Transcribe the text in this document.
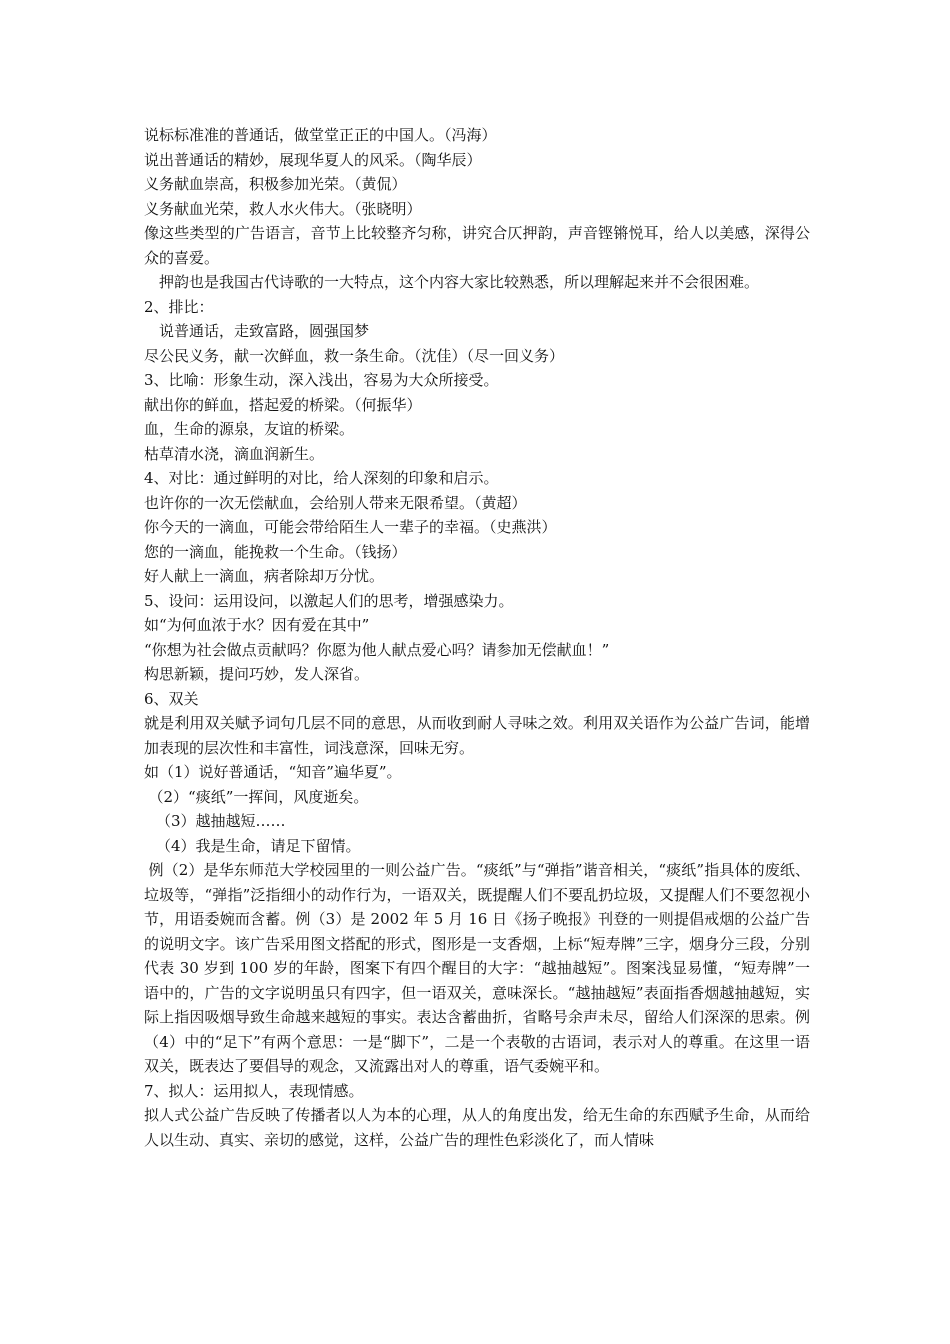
说标标准准的普通话，做堂堂正正的中国人。（冯海）

说出普通话的精妙，展现华夏人的风采。（陶华辰）

义务献血崇高，积极参加光荣。（黄侃）

义务献血光荣，救人水火伟大。（张晓明）

像这些类型的广告语言，音节上比较整齐匀称，讲究合仄押韵，声音铿锵悦耳，给人以美感，深得公众的喜爱。

押韵也是我国古代诗歌的一大特点，这个内容大家比较熟悉，所以理解起来并不会很困难。

2、排比：

说普通话，走致富路，圆强国梦

尽公民义务，献一次鲜血，救一条生命。（沈佳）（尽一回义务）

3、比喻：形象生动，深入浅出，容易为大众所接受。

献出你的鲜血，搭起爱的桥梁。（何振华）

血，生命的源泉，友谊的桥梁。

枯草清水浇，滴血润新生。

4、对比：通过鲜明的对比，给人深刻的印象和启示。

也许你的一次无偿献血，会给别人带来无限希望。（黄超）

你今天的一滴血，可能会带给陌生人一辈子的幸福。（史燕洪）

您的一滴血，能挽救一个生命。（钱扬）

好人献上一滴血，病者除却万分忧。

5、设问：运用设问，以激起人们的思考，增强感染力。

如“为何血浓于水？因有爱在其中”

“你想为社会做点贡献吗？你愿为他人献点爱心吗？请参加无偿献血！”

构思新颖，提问巧妙，发人深省。

6、双关

就是利用双关赋予词句几层不同的意思，从而收到耐人寻味之效。利用双关语作为公益广告词，能增加表现的层次性和丰富性，词浅意深，回味无穷。

如（1）说好普通话，“知音”遍华夏”。

（2）“痰纸”一挥间，风度逝矣。

（3）越抽越短……

（4）我是生命，请足下留情。

例（2）是华东师范大学校园里的一则公益广告。“痰纸”与“弹指”谐音相关，“痰纸”指具体的废纸、垃圾等，“弹指”泛指细小的动作行为，一语双关，既提醒人们不要乱扔垃圾，又提醒人们不要忽视小节，用语委婉而含蓄。例（3）是 2002 年 5 月 16 日《扬子晚报》刊登的一则提倡戒烟的公益广告的说明文字。该广告采用图文搭配的形式，图形是一支香烟，上标“短寿牌”三字，烟身分三段，分别代表 30 岁到 100 岁的年龄，图案下有四个醒目的大字：“越抽越短”。图案浅显易懂，“短寿牌”一语中的，广告的文字说明虽只有四字，但一语双关，意味深长。“越抽越短”表面指香烟越抽越短，实际上指因吸烟导致生命越来越短的事实。表达含蓄曲折，省略号余声未尽，留给人们深深的思索。例（4）中的“足下”有两个意思：一是“脚下”，二是一个表敬的古语词，表示对人的尊重。在这里一语双关，既表达了要倡导的观念，又流露出对人的尊重，语气委婉平和。

7、拟人：运用拟人，表现情感。

拟人式公益广告反映了传播者以人为本的心理，从人的角度出发，给无生命的东西赋予生命，从而给人以生动、真实、亲切的感觉，这样，公益广告的理性色彩淡化了，而人情味
